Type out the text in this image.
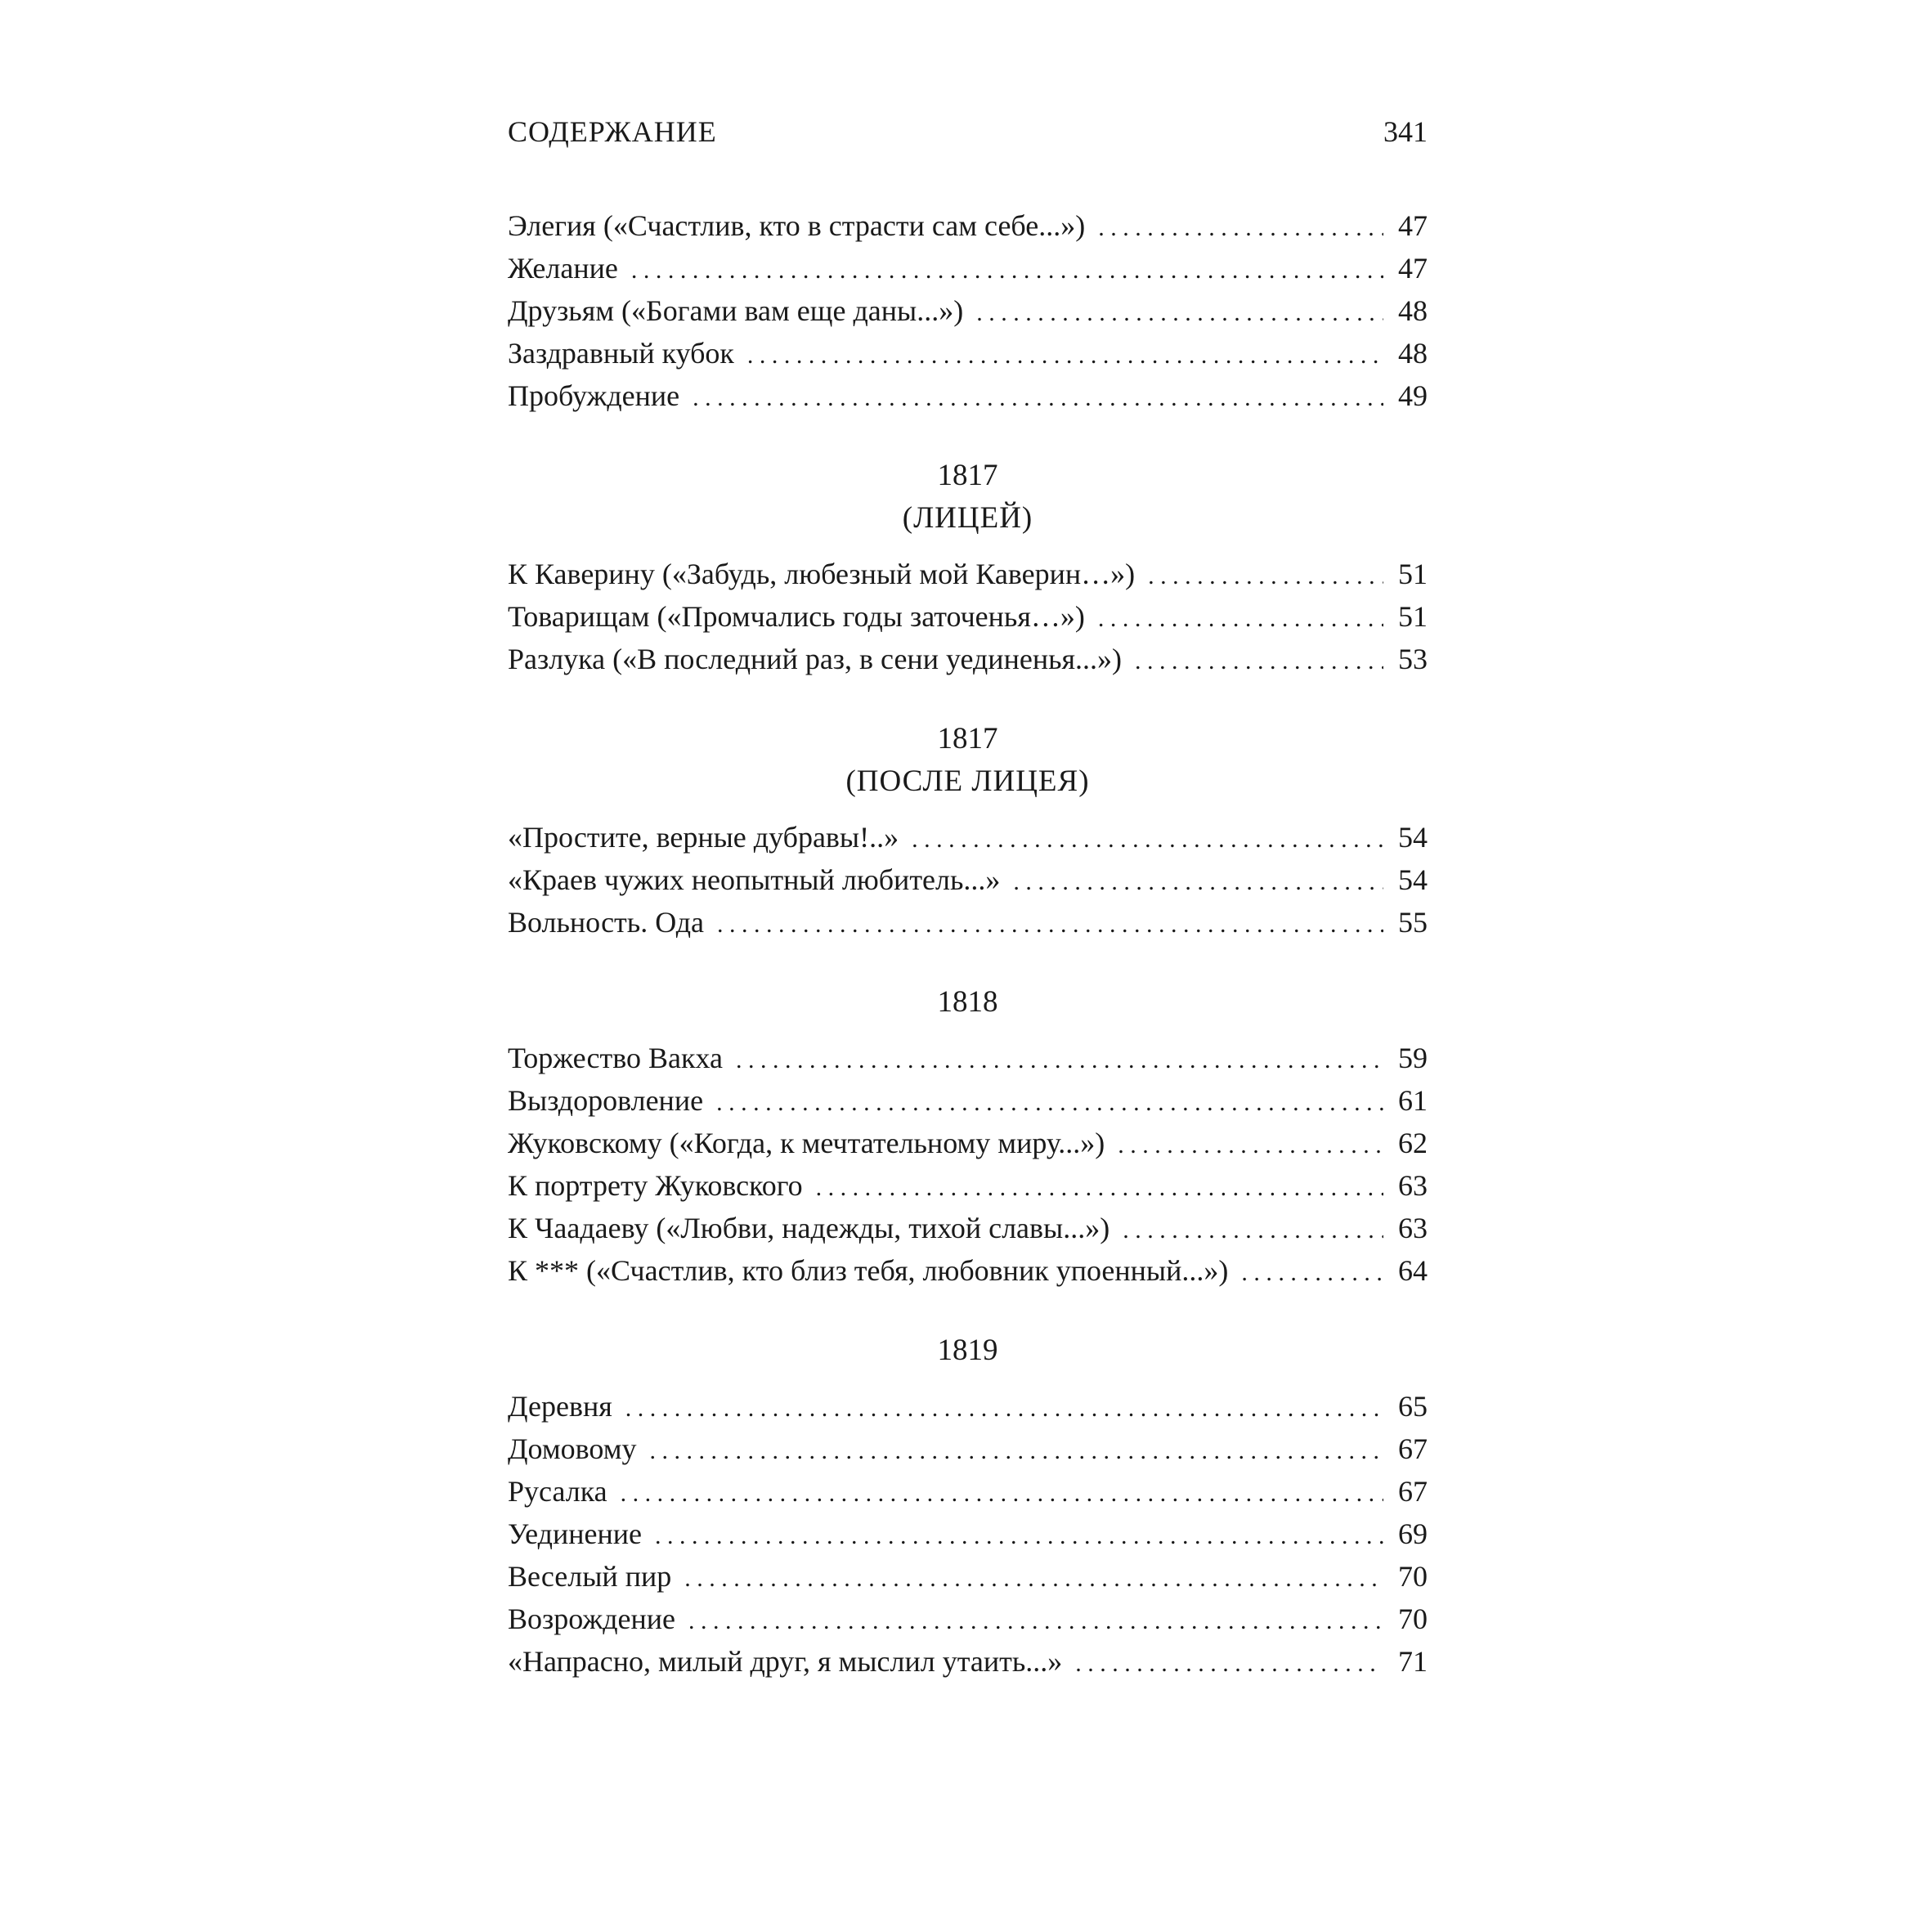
СОДЕРЖАНИЕ	341
Элегия («Счастлив, кто в страсти сам себе...») . . .	47
Желание . . .	47
Друзьям («Богами вам еще даны...») . . .	48
Заздравный кубок . . .	48
Пробуждение . . .	49
1817
(ЛИЦЕЙ)
К Каверину («Забудь, любезный мой Каверин…») . . .	51
Товарищам («Промчались годы заточенья…») . . .	51
Разлука («В последний раз, в сени уединенья...») . . .	53
1817
(ПОСЛЕ ЛИЦЕЯ)
«Простите, верные дубравы!..» . . .	54
«Краев чужих неопытный любитель...» . . .	54
Вольность. Ода . . .	55
1818
Торжество Вакха . . .	59
Выздоровление . . .	61
Жуковскому («Когда, к мечтательному миру...») . . .	62
К портрету Жуковского . . .	63
К Чаадаеву («Любви, надежды, тихой славы...») . . .	63
К *** («Счастлив, кто близ тебя, любовник упоенный...») . . .	64
1819
Деревня . . .	65
Домовому . . .	67
Русалка . . .	67
Уединение . . .	69
Веселый пир . . .	70
Возрождение . . .	70
«Напрасно, милый друг, я мыслил утаить...» . . .	71
